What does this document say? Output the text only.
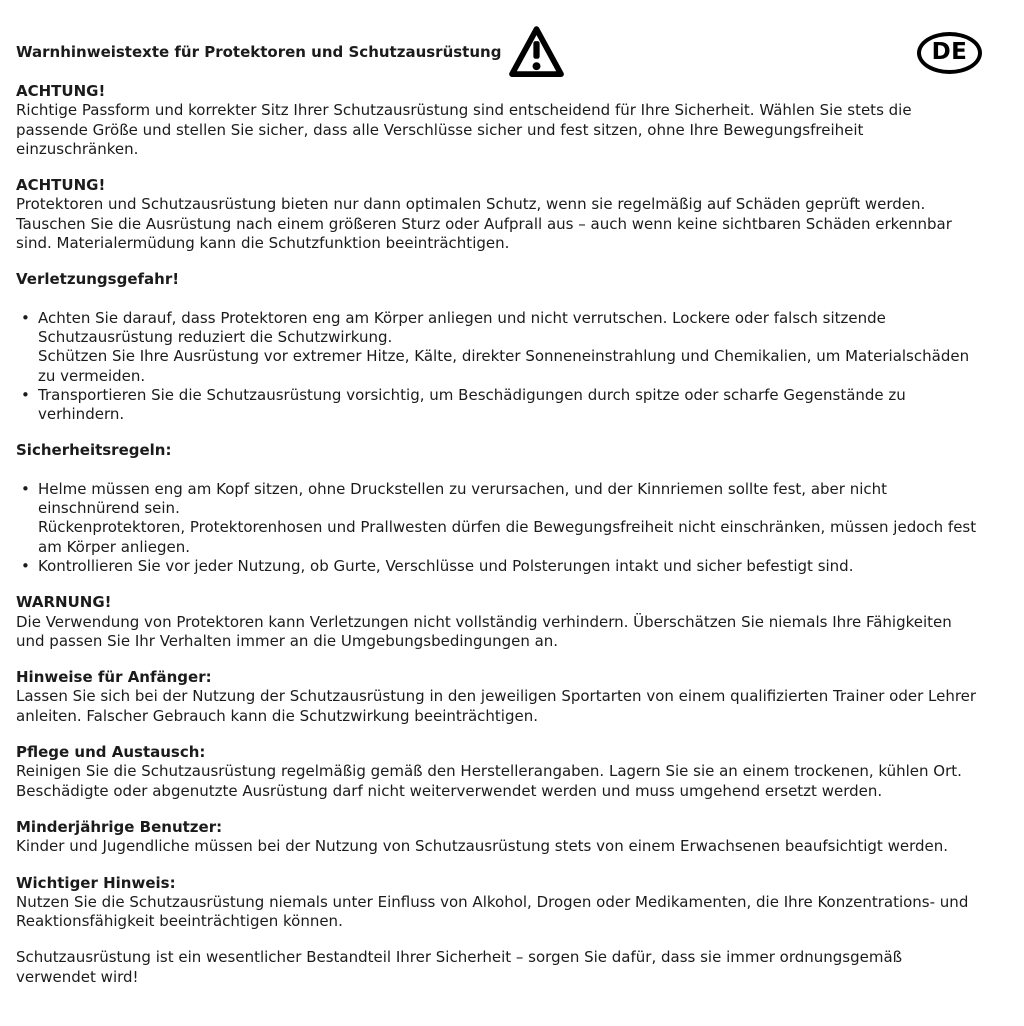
Warnhinweistexte für Protektoren und Schutzausrüstung	DE
ACHTUNG!

Richtige Passform und korrekter Sitz Ihrer Schutzausrüstung sind entscheidend für Ihre Sicherheit. Wählen Sie stets die passende Größe und stellen Sie sicher, dass alle Verschlüsse sicher und fest sitzen, ohne Ihre Bewegungsfreiheit einzuschränken.

ACHTUNG!

Protektoren und Schutzausrüstung bieten nur dann optimalen Schutz, wenn sie regelmäßig auf Schäden geprüft werden. Tauschen Sie die Ausrüstung nach einem größeren Sturz oder Aufprall aus – auch wenn keine sichtbaren Schäden erkennbar sind. Materialermüdung kann die Schutzfunktion beeinträchtigen.

Verletzungsgefahr!

• Achten Sie darauf, dass Protektoren eng am Körper anliegen und nicht verrutschen. Lockere oder falsch sitzende Schutzausrüstung reduziert die Schutzwirkung.

Schützen Sie Ihre Ausrüstung vor extremer Hitze, Kälte, direkter Sonneneinstrahlung und Chemikalien, um Materialschäden zu vermeiden.

• Transportieren Sie die Schutzausrüstung vorsichtig, um Beschädigungen durch spitze oder scharfe Gegenstände zu verhindern.

Sicherheitsregeln:

• Helme müssen eng am Kopf sitzen, ohne Druckstellen zu verursachen, und der Kinnriemen sollte fest, aber nicht einschnürend sein.

Rückenprotektoren, Protektorenhosen und Prallwesten dürfen die Bewegungsfreiheit nicht einschränken, müssen jedoch fest am Körper anliegen.

• Kontrollieren Sie vor jeder Nutzung, ob Gurte, Verschlüsse und Polsterungen intakt und sicher befestigt sind.

WARNUNG!

Die Verwendung von Protektoren kann Verletzungen nicht vollständig verhindern. Überschätzen Sie niemals Ihre Fähigkeiten und passen Sie Ihr Verhalten immer an die Umgebungsbedingungen an.

Hinweise für Anfänger:

Lassen Sie sich bei der Nutzung der Schutzausrüstung in den jeweiligen Sportarten von einem qualifizierten Trainer oder Lehrer anleiten. Falscher Gebrauch kann die Schutzwirkung beeinträchtigen.

Pflege und Austausch:

Reinigen Sie die Schutzausrüstung regelmäßig gemäß den Herstellerangaben. Lagern Sie sie an einem trockenen, kühlen Ort. Beschädigte oder abgenutzte Ausrüstung darf nicht weiterverwendet werden und muss umgehend ersetzt werden.

Minderjährige Benutzer:

Kinder und Jugendliche müssen bei der Nutzung von Schutzausrüstung stets von einem Erwachsenen beaufsichtigt werden.

Wichtiger Hinweis:

Nutzen Sie die Schutzausrüstung niemals unter Einfluss von Alkohol, Drogen oder Medikamenten, die Ihre Konzentrations- und Reaktionsfähigkeit beeinträchtigen können.

Schutzausrüstung ist ein wesentlicher Bestandteil Ihrer Sicherheit – sorgen Sie dafür, dass sie immer ordnungsgemäß verwendet wird!
